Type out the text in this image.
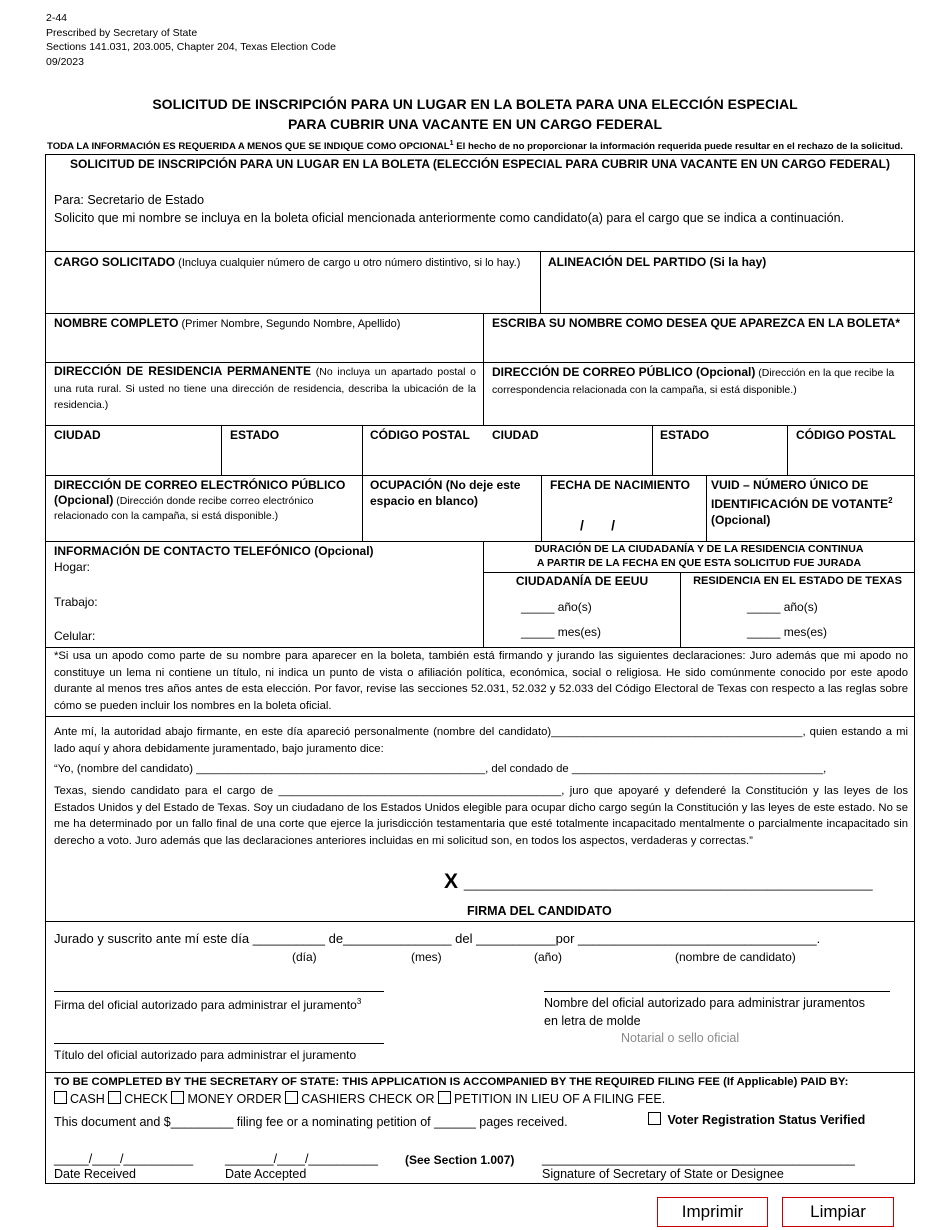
2-44
Prescribed by Secretary of State
Sections 141.031, 203.005, Chapter 204, Texas Election Code
09/2023
SOLICITUD DE INSCRIPCIÓN PARA UN LUGAR EN LA BOLETA PARA UNA ELECCIÓN ESPECIAL
PARA CUBRIR UNA VACANTE EN UN CARGO FEDERAL
TODA LA INFORMACIÓN ES REQUERIDA A MENOS QUE SE INDIQUE COMO OPCIONAL$^1$ El hecho de no proporcionar la información requerida puede resultar en el rechazo de la solicitud.
SOLICITUD DE INSCRIPCIÓN PARA UN LUGAR EN LA BOLETA (ELECCIÓN ESPECIAL PARA CUBRIR UNA VACANTE EN UN CARGO FEDERAL)
Para: Secretario de Estado
Solicito que mi nombre se incluya en la boleta oficial mencionada anteriormente como candidato(a) para el cargo que se indica a continuación.
CARGO SOLICITADO (Incluya cualquier número de cargo u otro número distintivo, si lo hay.)	ALINEACIÓN DEL PARTIDO (Si la hay)
NOMBRE COMPLETO (Primer Nombre, Segundo Nombre, Apellido)	ESCRIBA SU NOMBRE COMO DESEA QUE APAREZCA EN LA BOLETA*
DIRECCIÓN DE RESIDENCIA PERMANENTE (No incluya un apartado postal o una ruta rural. Si usted no tiene una dirección de residencia, describa la ubicación de la residencia.)
DIRECCIÓN DE CORREO PÚBLICO (Opcional) (Dirección en la que recibe la correspondencia relacionada con la campaña, si está disponible.)
CIUDAD	ESTADO	CÓDIGO POSTAL CIUDAD	ESTADO	CÓDIGO POSTAL
DIRECCIÓN DE CORREO ELECTRÓNICO PÚBLICO
(Opcional) (Dirección donde recibe correo electrónico relacionado con la campaña, si está disponible.)
OCUPACIÓN (No deje este espacio en blanco)
FECHA DE NACIMIENTO
/       /
VUID – NÚMERO ÚNICO DE IDENTIFICACIÓN DE VOTANTE$^2$
(Opcional)
INFORMACIÓN DE CONTACTO TELEFÓNICO (Opcional)
Hogar:
Trabajo:
Celular:
DURACIÓN DE LA CIUDADANÍA Y DE LA RESIDENCIA CONTINUA
A PARTIR DE LA FECHA EN QUE ESTA SOLICITUD FUE JURADA
CIUDADANÍA DE EEUU	RESIDENCIA EN EL ESTADO DE TEXAS
_____ año(s)
_____ mes(es)
_____ año(s)
_____ mes(es)
*Si usa un apodo como parte de su nombre para aparecer en la boleta, también está firmando y jurando las siguientes declaraciones: Juro además que mi apodo no constituye un lema ni contiene un título, ni indica un punto de vista o afiliación política, económica, social o religiosa. He sido comúnmente conocido por este apodo durante al menos tres años antes de esta elección. Por favor, revise las secciones 52.031, 52.032 y 52.033 del Código Electoral de Texas con respecto a las reglas sobre cómo se pueden incluir los nombres en la boleta oficial.
Ante mí, la autoridad abajo firmante, en este día apareció personalmente (nombre del candidato)________________________________________, quien estando a mi lado aquí y ahora debidamente juramentado, bajo juramento dice:
“Yo, (nombre del candidato) ______________________________________________, del condado de ________________________________________,
Texas, siendo candidato para el cargo de _____________________________________________, juro que apoyaré y defenderé la Constitución y las leyes de los Estados Unidos y del Estado de Texas. Soy un ciudadano de los Estados Unidos elegible para ocupar dicho cargo según la Constitución y las leyes de este estado. No se me ha determinado por un fallo final de una corte que ejerce la jurisdicción testamentaria que esté totalmente incapacitado mentalmente o parcialmente incapacitado sin derecho a voto. Juro además que las declaraciones anteriores incluidas en mi solicitud son, en todos los aspectos, verdaderas y correctas.”
X ___________________________________
FIRMA DEL CANDIDATO
Jurado y suscrito ante mí este día __________ de_______________ del ___________por _________________________________.
(día)	(mes)	(año)	(nombre de candidato)
Firma del oficial autorizado para administrar el juramento$^3$	Nombre del oficial autorizado para administrar juramentos
en letra de molde
Notarial o sello oficial
Título del oficial autorizado para administrar el juramento
TO BE COMPLETED BY THE SECRETARY OF STATE: THIS APPLICATION IS ACCOMPANIED BY THE REQUIRED FILING FEE (If Applicable) PAID BY:
CASH CHECK MONEY ORDER CASHIERS CHECK OR PETITION IN LIEU OF A FILING FEE.
This document and $_________ filing fee or a nominating petition of ______ pages received.	Voter Registration Status Verified
_____/____/__________
Date Received
_______/____/__________
Date Accepted
(See Section 1.007) _____________________________________________
Signature of Secretary of State or Designee
Imprimir	Limpiar
